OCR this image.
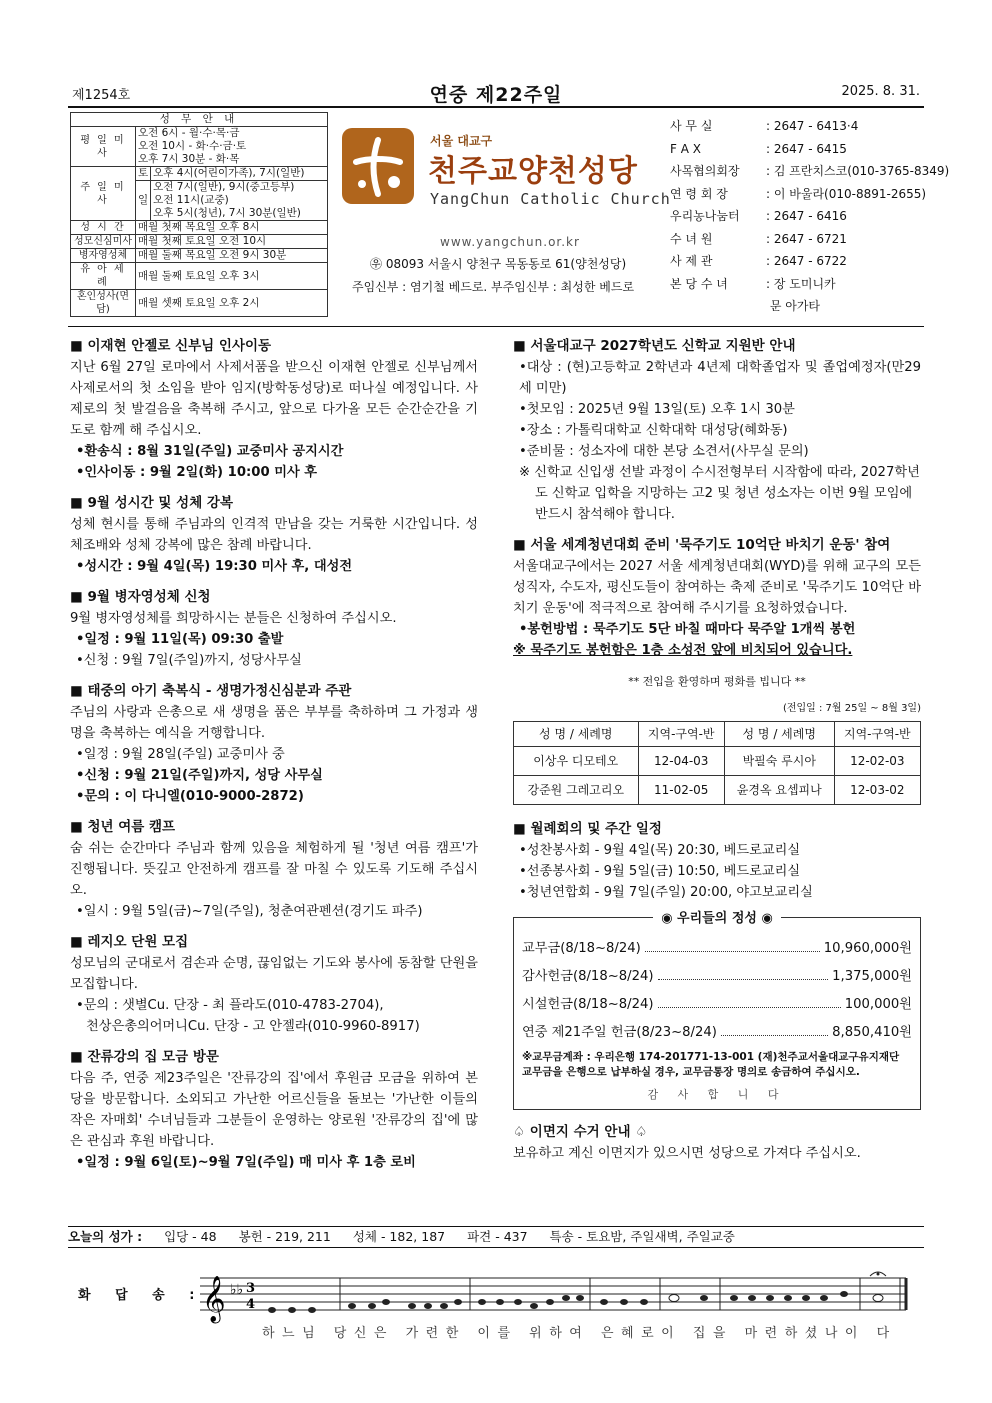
제1254호	연중 제22주일	2025. 8. 31.
성 무 안 내		
평 일 미 사	오전 6시 - 월·수·목·금
오전 10시 - 화·수·금·토
오후 7시 30분 - 화·목	

주 일 미 사	토	오후 4시(어린이가족), 7시(일반)
	일	오전 7시(일반), 9시(중고등부)
오전 11시(교중)
오후 5시(청년), 7시 30분(일반)

성 시 간	매월 첫째 목요일 오후 8시	
성모신심미사	매월 첫째 토요일 오전 10시	
병자영성체	매월 둘째 목요일 오전 9시 30분	
유 아 세 례	매월 둘째 토요일 오후 3시	
혼인성사(면담)	매월 셋째 토요일 오후 2시	
서울 대교구
천주교양천성당
YangChun Catholic Church
www.yangchun.or.kr
㉾ 08093 서울시 양천구 목동동로 61(양천성당)
주임신부 : 염기철 베드로. 부주임신부 : 최성한 베드로
사 무 실	: 2647 - 6413·4
F A X	: 2647 - 6415
사목협의회장 : 김 프란치스코(010-3765-8349)
연 령 회 장	: 이 바울라(010-8891-2655)
우리농나눔터 : 2647 - 6416
수 녀 원	: 2647 - 6721
사 제 관	: 2647 - 6722
본 당 수 녀	: 장 도미니카
문 아가타
■ 이재현 안젤로 신부님 인사이동
지난 6월 27일 로마에서 사제서품을 받으신 이재현 안젤로 신부님께서 사제로서의 첫 소임을 받아 임지(방학동성당)로 떠나실 예정입니다. 사제로의 첫 발걸음을 축복해 주시고, 앞으로 다가올 모든 순간순간을 기도로 함께 해 주십시오.
•환송식 : 8월 31일(주일) 교중미사 공지시간
•인사이동 : 9월 2일(화) 10:00 미사 후
■ 9월 성시간 및 성체 강복
성체 현시를 통해 주님과의 인격적 만남을 갖는 거룩한 시간입니다. 성체조배와 성체 강복에 많은 참례 바랍니다.
•성시간 : 9월 4일(목) 19:30 미사 후, 대성전
■ 9월 병자영성체 신청
9월 병자영성체를 희망하시는 분들은 신청하여 주십시오.
•일정 : 9월 11일(목) 09:30 출발
•신청 : 9월 7일(주일)까지, 성당사무실
■ 태중의 아기 축복식 - 생명가정신심분과 주관
주님의 사랑과 은총으로 새 생명을 품은 부부를 축하하며 그 가정과 생명을 축복하는 예식을 거행합니다.
•일정 : 9월 28일(주일) 교중미사 중
•신청 : 9월 21일(주일)까지, 성당 사무실
•문의 : 이 다니엘(010-9000-2872)
■ 청년 여름 캠프
숨 쉬는 순간마다 주님과 함께 있음을 체험하게 될 '청년 여름 캠프'가 진행됩니다. 뜻깊고 안전하게 캠프를 잘 마칠 수 있도록 기도해 주십시오.
•일시 : 9월 5일(금)~7일(주일), 청춘여관펜션(경기도 파주)
■ 레지오 단원 모집
성모님의 군대로서 겸손과 순명, 끊임없는 기도와 봉사에 동참할 단원을 모집합니다.
•문의 : 샛별Cu. 단장 - 최 플라도(010-4783-2704),
천상은총의어머니Cu. 단장 - 고 안젤라(010-9960-8917)
■ 잔류강의 집 모금 방문
다음 주, 연중 제23주일은 '잔류강의 집'에서 후원금 모금을 위하여 본당을 방문합니다. 소외되고 가난한 어르신들을 돌보는 '가난한 이들의 작은 자매회' 수녀님들과 그분들이 운영하는 양로원 '잔류강의 집'에 많은 관심과 후원 바랍니다.
•일정 : 9월 6일(토)~9월 7일(주일) 매 미사 후 1층 로비
■ 서울대교구 2027학년도 신학교 지원반 안내
•대상 : (현)고등학교 2학년과 4년제 대학졸업자 및 졸업예정자(만29세 미만)
•첫모임 : 2025년 9월 13일(토) 오후 1시 30분
•장소 : 가톨릭대학교 신학대학 대성당(혜화동)
•준비물 : 성소자에 대한 본당 소견서(사무실 문의)
※ 신학교 신입생 선발 과정이 수시전형부터 시작함에 따라, 2027학년도 신학교 입학을 지망하는 고2 및 청년 성소자는 이번 9월 모임에 반드시 참석해야 합니다.
■ 서울 세계청년대회 준비 '묵주기도 10억단 바치기 운동' 참여
서울대교구에서는 2027 서울 세계청년대회(WYD)를 위해 교구의 모든 성직자, 수도자, 평신도들이 참여하는 축제 준비로 '묵주기도 10억단 바치기 운동'에 적극적으로 참여해 주시기를 요청하였습니다.
•봉헌방법 : 묵주기도 5단 바칠 때마다 묵주알 1개씩 봉헌
※ 묵주기도 봉헌함은 1층 소성전 앞에 비치되어 있습니다.
** 전입을 환영하며 평화를 빕니다 **
(전입일 : 7월 25일 ~ 8월 3일)
성 명 / 세례명	지역-구역-반	성 명 / 세례명	지역-구역-반
이상우 디모테오	12-04-03	박필숙 루시아	12-02-03
강준원 그레고리오	11-02-05	윤경옥 요셉피나	12-03-02
■ 월례회의 및 주간 일정
•성찬봉사회 - 9월 4일(목) 20:30, 베드로교리실
•선종봉사회 - 9월 5일(금) 10:50, 베드로교리실
•청년연합회 - 9월 7일(주일) 20:00, 야고보교리실
◉ 우리들의 정성 ◉
교무금(8/18~8/24)	10,960,000원
감사헌금(8/18~8/24)	1,375,000원
시설헌금(8/18~8/24)	100,000원
연중 제21주일 헌금(8/23~8/24)	8,850,410원
※교무금계좌 : 우리은행 174-201771-13-001 (재)천주교서울대교구유지재단 교무금을 은행으로 납부하실 경우, 교무금통장 명의로 송금하여 주십시오.
감 사 합 니 다
♤ 이면지 수거 안내 ♤
보유하고 계신 이면지가 있으시면 성당으로 가져다 주십시오.
오늘의 성가 : 입당 - 48 봉헌 - 219, 211 성체 - 182, 187 파견 - 437 특송 - 토요밤, 주일새벽, 주일교중
화 답 송 :
𝄞 ♭♭ 3
4
하느님 당신은 가련한 이를 위하여 은혜로이 집을 마련하셨나이 다
